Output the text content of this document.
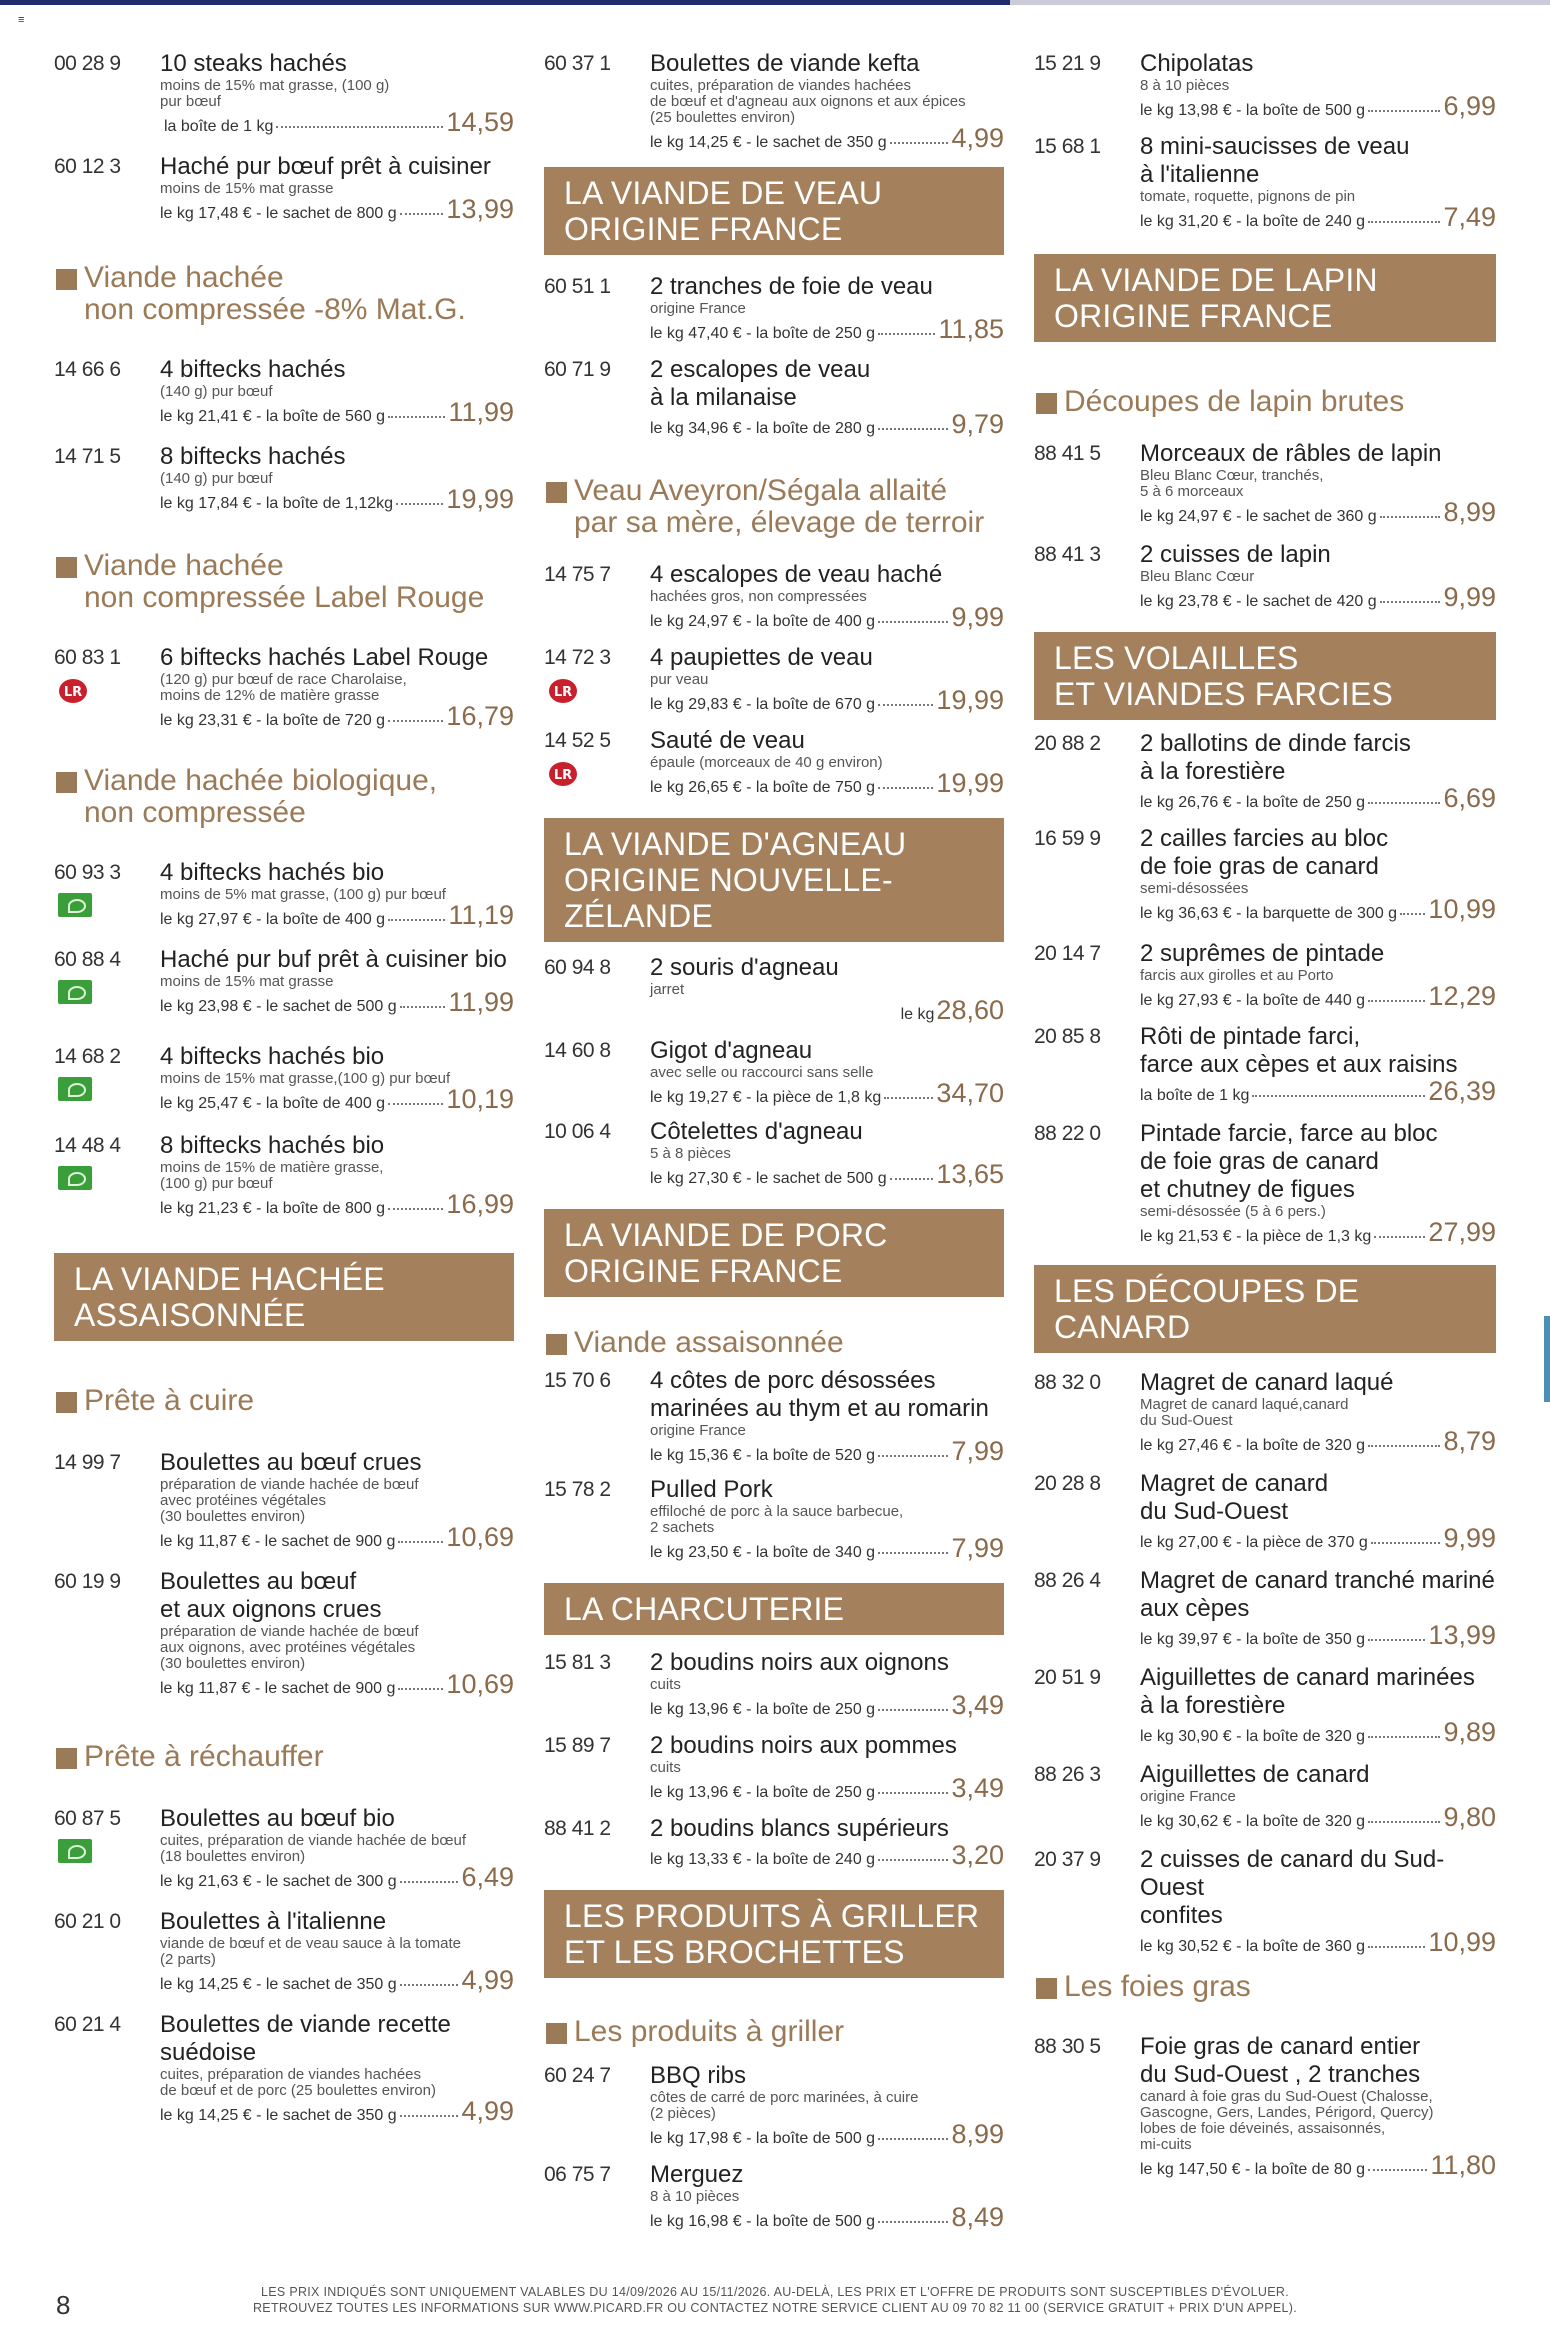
≡
00 28 9 10 steaks hachés
moins de 15% mat grasse, (100 g)
pur bœuf
la boîte de 1 kg	14,59
60 12 3 Haché pur bœuf prêt à cuisiner
moins de 15% mat grasse
le kg 17,48 € - le sachet de 800 g 13,99
Viande hachée
non compressée -8% Mat.G.
14 66 6 4 biftecks hachés
(140 g) pur bœuf
le kg 21,41 € - la boîte de 560 g 11,99
14 71 5 8 biftecks hachés
(140 g) pur bœuf
le kg 17,84 € - la boîte de 1,12kg 19,99
Viande hachée
non compressée Label Rouge
60 83 1
LR
6 biftecks hachés Label Rouge
(120 g) pur bœuf de race Charolaise,
moins de 12% de matière grasse
le kg 23,31 € - la boîte de 720 g 16,79
Viande hachée biologique,
non compressée
60 93 3 4 biftecks hachés bio
moins de 5% mat grasse, (100 g) pur bœuf
le kg 27,97 € - la boîte de 400 g 11,19
60 88 4 Haché pur buf prêt à cuisiner bio
moins de 15% mat grasse
le kg 23,98 € - le sachet de 500 g 11,99
14 68 2 4 biftecks hachés bio
moins de 15% mat grasse,(100 g) pur bœuf
le kg 25,47 € - la boîte de 400 g 10,19
14 48 4 8 biftecks hachés bio
moins de 15% de matière grasse,
(100 g) pur bœuf
le kg 21,23 € - la boîte de 800 g 16,99
LA VIANDE HACHÉE
ASSAISONNÉE
Prête à cuire
14 99 7 Boulettes au bœuf crues
préparation de viande hachée de bœuf
avec protéines végétales
(30 boulettes environ)
le kg 11,87 € - le sachet de 900 g 10,69
60 19 9 Boulettes au bœuf
et aux oignons crues
préparation de viande hachée de bœuf
aux oignons, avec protéines végétales
(30 boulettes environ)
le kg 11,87 € - le sachet de 900 g 10,69
Prête à réchauffer
60 87 5 Boulettes au bœuf bio
cuites, préparation de viande hachée de bœuf
(18 boulettes environ)
le kg 21,63 € - le sachet de 300 g 6,49
60 21 0 Boulettes à l'italienne
viande de bœuf et de veau sauce à la tomate
(2 parts)
le kg 14,25 € - le sachet de 350 g 4,99
60 21 4 Boulettes de viande recette
suédoise
cuites, préparation de viandes hachées
de bœuf et de porc (25 boulettes environ)
le kg 14,25 € - le sachet de 350 g 4,99
60 37 1 Boulettes de viande kefta
cuites, préparation de viandes hachées
de bœuf et d'agneau aux oignons et aux épices
(25 boulettes environ)
le kg 14,25 € - le sachet de 350 g 4,99
LA VIANDE DE VEAU
ORIGINE FRANCE
60 51 1 2 tranches de foie de veau
origine France
le kg 47,40 € - la boîte de 250 g 11,85
60 71 9 2 escalopes de veau
à la milanaise
le kg 34,96 € - la boîte de 280 g	9,79
Veau Aveyron/Ségala allaité
par sa mère, élevage de terroir
14 75 7 4 escalopes de veau haché
hachées gros, non compressées
le kg 24,97 € - la boîte de 400 g	9,99
14 72 3
LR
4 paupiettes de veau
pur veau
le kg 29,83 € - la boîte de 670 g 19,99
14 52 5
LR
Sauté de veau
épaule (morceaux de 40 g environ)
le kg 26,65 € - la boîte de 750 g 19,99
LA VIANDE D'AGNEAU
ORIGINE NOUVELLE-ZÉLANDE
60 94 8 2 souris d'agneau
jarret
le kg 28,60
14 60 8 Gigot d'agneau
avec selle ou raccourci sans selle
le kg 19,27 € - la pièce de 1,8 kg 34,70
10 06 4 Côtelettes d'agneau
5 à 8 pièces
le kg 27,30 € - le sachet de 500 g 13,65
LA VIANDE DE PORC
ORIGINE FRANCE
Viande assaisonnée
15 70 6 4 côtes de porc désossées
marinées au thym et au romarin
origine France
le kg 15,36 € - la boîte de 520 g	7,99
15 78 2 Pulled Pork
effiloché de porc à la sauce barbecue,
2 sachets
le kg 23,50 € - la boîte de 340 g	7,99
LA CHARCUTERIE
15 81 3 2 boudins noirs aux oignons
cuits
le kg 13,96 € - la boîte de 250 g	3,49
15 89 7 2 boudins noirs aux pommes
cuits
le kg 13,96 € - la boîte de 250 g	3,49
88 41 2 2 boudins blancs supérieurs
le kg 13,33 € - la boîte de 240 g	3,20
LES PRODUITS À GRILLER
ET LES BROCHETTES
Les produits à griller
60 24 7 BBQ ribs
côtes de carré de porc marinées, à cuire
(2 pièces)
le kg 17,98 € - la boîte de 500 g	8,99
06 75 7 Merguez
8 à 10 pièces
le kg 16,98 € - la boîte de 500 g	8,49
15 21 9 Chipolatas
8 à 10 pièces
le kg 13,98 € - la boîte de 500 g	6,99
15 68 1 8 mini-saucisses de veau
à l'italienne
tomate, roquette, pignons de pin
le kg 31,20 € - la boîte de 240 g	7,49
LA VIANDE DE LAPIN
ORIGINE FRANCE
Découpes de lapin brutes
88 41 5 Morceaux de râbles de lapin
Bleu Blanc Cœur, tranchés,
5 à 6 morceaux
le kg 24,97 € - le sachet de 360 g 8,99
88 41 3 2 cuisses de lapin
Bleu Blanc Cœur
le kg 23,78 € - le sachet de 420 g 9,99
LES VOLAILLES
ET VIANDES FARCIES
20 88 2 2 ballotins de dinde farcis
à la forestière
le kg 26,76 € - la boîte de 250 g	6,69
16 59 9 2 cailles farcies au bloc
de foie gras de canard
semi-désossées
le kg 36,63 € - la barquette de 300 g 10,99
20 14 7 2 suprêmes de pintade
farcis aux girolles et au Porto
le kg 27,93 € - la boîte de 440 g 12,29
20 85 8 Rôti de pintade farci,
farce aux cèpes et aux raisins
la boîte de 1 kg	26,39
88 22 0 Pintade farcie, farce au bloc
de foie gras de canard
et chutney de figues
semi-désossée (5 à 6 pers.)
le kg 21,53 € - la pièce de 1,3 kg 27,99
LES DÉCOUPES DE CANARD
88 32 0 Magret de canard laqué
Magret de canard laqué,canard
du Sud-Ouest
le kg 27,46 € - la boîte de 320 g	8,79
20 28 8 Magret de canard
du Sud-Ouest
le kg 27,00 € - la pièce de 370 g	9,99
88 26 4 Magret de canard tranché mariné
aux cèpes
le kg 39,97 € - la boîte de 350 g 13,99
20 51 9 Aiguillettes de canard marinées
à la forestière
le kg 30,90 € - la boîte de 320 g	9,89
88 26 3 Aiguillettes de canard
origine France
le kg 30,62 € - la boîte de 320 g	9,80
20 37 9 2 cuisses de canard du Sud-Ouest
confites
le kg 30,52 € - la boîte de 360 g 10,99
Les foies gras
88 30 5 Foie gras de canard entier
du Sud-Ouest , 2 tranches
canard à foie gras du Sud-Ouest (Chalosse,
Gascogne, Gers, Landes, Périgord, Quercy)
lobes de foie déveinés, assaisonnés,
mi-cuits
le kg 147,50 € - la boîte de 80 g 11,80
8	LES PRIX INDIQUÉS SONT UNIQUEMENT VALABLES DU 14/09/2026 AU 15/11/2026. AU-DELÀ, LES PRIX ET L'OFFRE DE PRODUITS SONT SUSCEPTIBLES D'ÉVOLUER.
RETROUVEZ TOUTES LES INFORMATIONS SUR WWW.PICARD.FR OU CONTACTEZ NOTRE SERVICE CLIENT AU 09 70 82 11 00 (SERVICE GRATUIT + PRIX D'UN APPEL).
